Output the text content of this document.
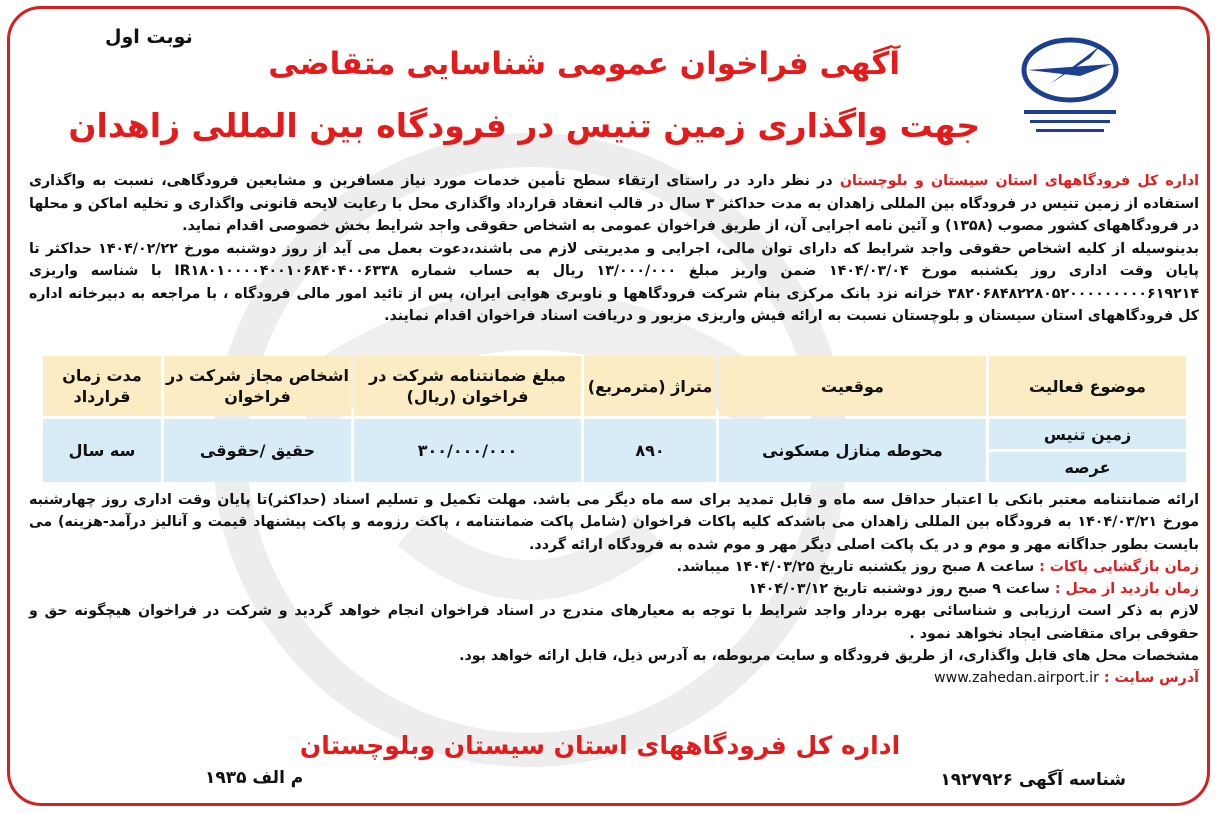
نوبت اول
آگهی فراخوان عمومی شناسایی متقاضی
جهت واگذاری زمین تنیس در فرودگاه بین المللی زاهدان
اداره کل فرودگاههای استان سیستان و بلوچستان در نظر دارد در راستای ارتقاء سطح تأمین خدمات مورد نیاز مسافرین و مشایعین فرودگاهی، نسبت به واگذاری استفاده از زمین تنیس در فرودگاه بین المللی زاهدان به مدت حداکثر ۳ سال در قالب انعقاد قرارداد واگذاری محل با رعایت لایحه قانونی واگذاری و تخلیه اماکن و محلها در فرودگاههای کشور مصوب (۱۳۵۸) و آئین نامه اجرایی آن، از طریق فراخوان عمومی به اشخاص حقوقی واجد شرایط بخش خصوصی اقدام نماید.
بدینوسیله از کلیه اشخاص حقوقی واجد شرایط که دارای توان مالی، اجرایی و مدیریتی لازم می باشند،دعوت بعمل می آید از روز دوشنبه مورخ ۱۴۰۴/۰۲/۲۲ حداکثر تا پایان وقت اداری روز یکشنبه مورخ ۱۴۰۴/۰۳/۰۴ ضمن واریز مبلغ ۱۳/۰۰۰/۰۰۰ ریال به حساب شماره IR۱۸۰۱۰۰۰۰۴۰۰۱۰۶۸۴۰۴۰۰۶۳۳۸ با شناسه واریزی ۳۸۲۰۶۸۴۸۲۲۸۰۵۲۰۰۰۰۰۰۰۰۰۶۱۹۲۱۴ خزانه نزد بانک مرکزی بنام شرکت فرودگاهها و ناوبری هوایی ایران، پس از تائید امور مالی فرودگاه ، با مراجعه به دبیرخانه اداره کل فرودگاههای استان سیستان و بلوچستان نسبت به ارائه فیش واریزی مزبور و دریافت اسناد فراخوان اقدام نمایند.
موضوع فعالیت	موقعیت	متراژ (مترمربع)	مبلغ ضمانتنامه شرکت در فراخوان (ریال)	اشخاص مجاز شرکت در فراخوان	مدت زمان قرارداد
زمین تنیس	محوطه منازل مسکونی	۸۹۰	۳۰۰/۰۰۰/۰۰۰	حقیق /حقوقی	سه سال
عرصه					
ارائه ضمانتنامه معتبر بانکی با اعتبار حداقل سه ماه و قابل تمدید برای سه ماه دیگر می باشد. مهلت تکمیل و تسلیم اسناد (حداکثر)تا پایان وقت اداری روز چهارشنبه مورخ ۱۴۰۴/۰۳/۲۱ به فرودگاه بین المللی زاهدان می باشدکه کلیه پاکات فراخوان (شامل پاکت ضمانتنامه ، پاکت رزومه و پاکت پیشنهاد قیمت و آنالیز درآمد-هزینه) می بایست بطور جداگانه مهر و موم و در یک پاکت اصلی دیگر مهر و موم شده به فرودگاه ارائه گردد.
زمان بازگشایی پاکات : ساعت ۸ صبح روز یکشنبه تاریخ ۱۴۰۴/۰۳/۲۵ میباشد.
زمان بازدید از محل : ساعت ۹ صبح روز دوشنبه تاریخ ۱۴۰۴/۰۳/۱۲
لازم به ذکر است ارزیابی و شناسائی بهره بردار واجد شرایط با توجه به معیارهای مندرج در اسناد فراخوان انجام خواهد گردید و شرکت در فراخوان هیچگونه حق و حقوقی برای متقاضی ایجاد نخواهد نمود .
مشخصات محل های قابل واگذاری، از طریق فرودگاه و سایت مربوطه، به آدرس ذیل، قابل ارائه خواهد بود.
آدرس سایت : www.zahedan.airport.ir
اداره کل فرودگاههای استان سیستان وبلوچستان
شناسه آگهی ۱۹۲۷۹۲۶
م الف ۱۹۳۵
